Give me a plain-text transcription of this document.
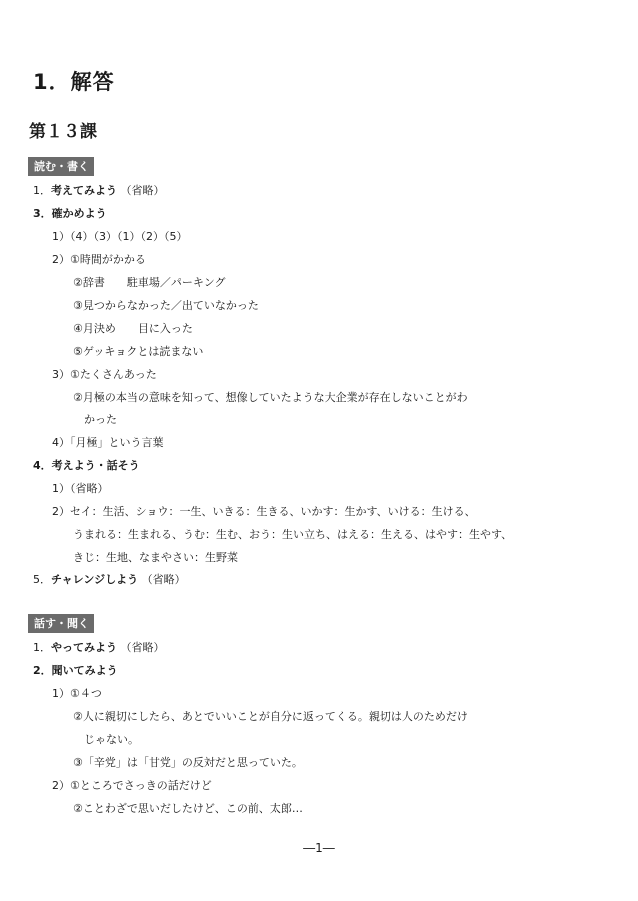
1．解答
第１３課
読む・書く
1．考えてみよう （省略）
3．確かめよう
1）（4）（3）（1）（2）（5）
2）①時間がかかる
②辞書　　駐車場／パーキング
③見つからなかった／出ていなかった
④月決め　　目に入った
⑤ゲッキョクとは読まない
3）①たくさんあった
②月極の本当の意味を知って、想像していたような大企業が存在しないことがわ
かった
4）「月極」という言葉
4．考えよう・話そう
1）（省略）
2）セイ：生活、ショウ：一生、いきる：生きる、いかす：生かす、いける：生ける、
うまれる：生まれる、うむ：生む、おう：生い立ち、はえる：生える、はやす：生やす、
きじ：生地、なまやさい：生野菜
5．チャレンジしよう （省略）
話す・聞く
1．やってみよう （省略）
2．聞いてみよう
1）①４つ
②人に親切にしたら、あとでいいことが自分に返ってくる。親切は人のためだけ
じゃない。
③「辛党」は「甘党」の反対だと思っていた。
2）①ところでさっきの話だけど
②ことわざで思いだしたけど、この前、太郎…
―1―
